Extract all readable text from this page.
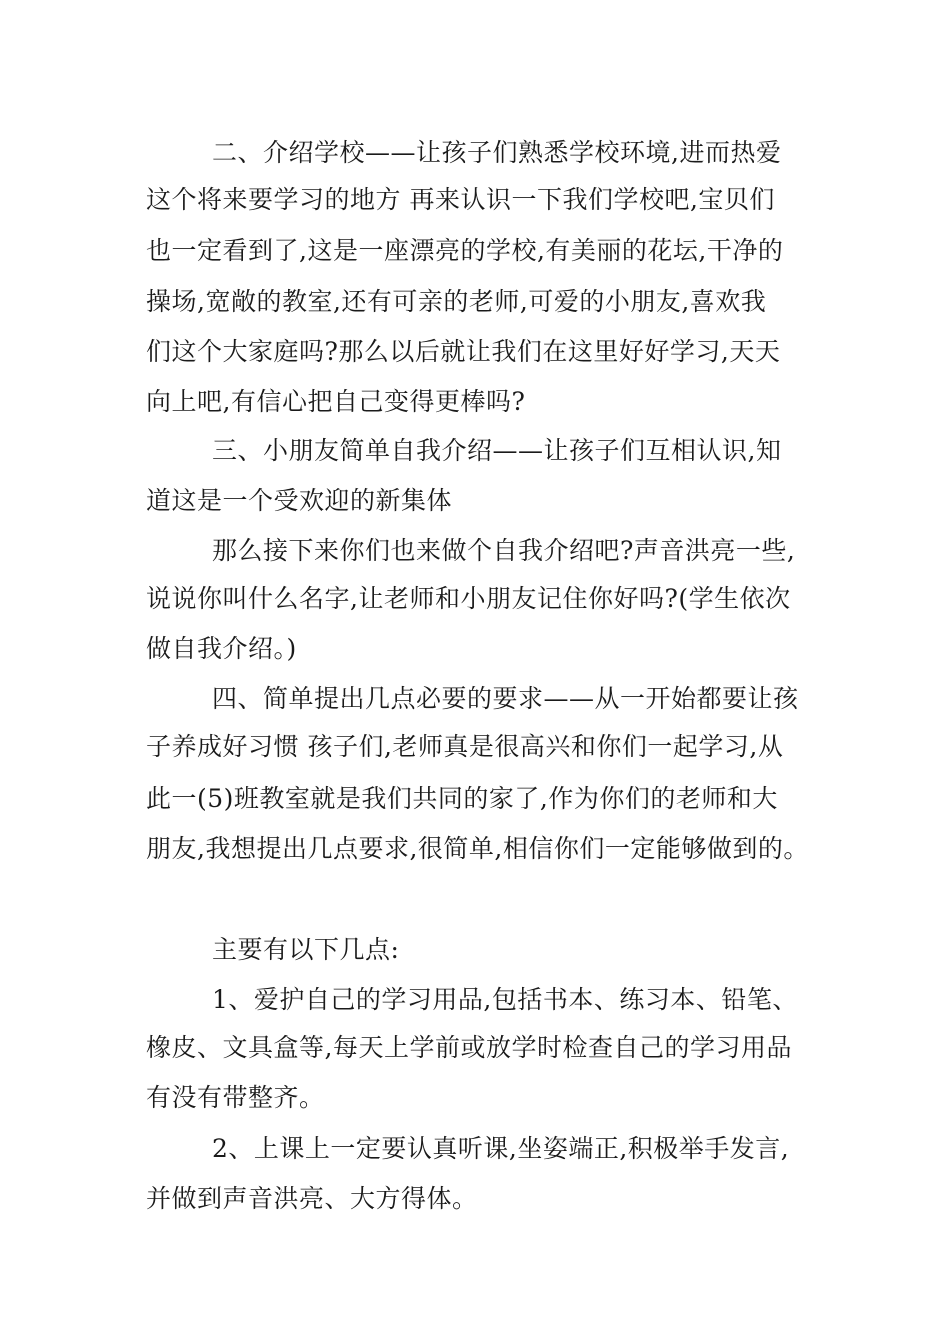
二、介绍学校——让孩子们熟悉学校环境,进而热爱
这个将来要学习的地方 再来认识一下我们学校吧,宝贝们
也一定看到了,这是一座漂亮的学校,有美丽的花坛,干净的
操场,宽敞的教室,还有可亲的老师,可爱的小朋友,喜欢我
们这个大家庭吗?那么以后就让我们在这里好好学习,天天
向上吧,有信心把自己变得更棒吗?
三、小朋友简单自我介绍——让孩子们互相认识,知
道这是一个受欢迎的新集体
那么接下来你们也来做个自我介绍吧?声音洪亮一些,
说说你叫什么名字,让老师和小朋友记住你好吗?(学生依次
做自我介绍。)
四、简单提出几点必要的要求——从一开始都要让孩
子养成好习惯 孩子们,老师真是很高兴和你们一起学习,从
此一(5)班教室就是我们共同的家了,作为你们的老师和大
朋友,我想提出几点要求,很简单,相信你们一定能够做到的。
主要有以下几点:
1、爱护自己的学习用品,包括书本、练习本、铅笔、
橡皮、文具盒等,每天上学前或放学时检查自己的学习用品
有没有带整齐。
2、上课上一定要认真听课,坐姿端正,积极举手发言,
并做到声音洪亮、大方得体。
